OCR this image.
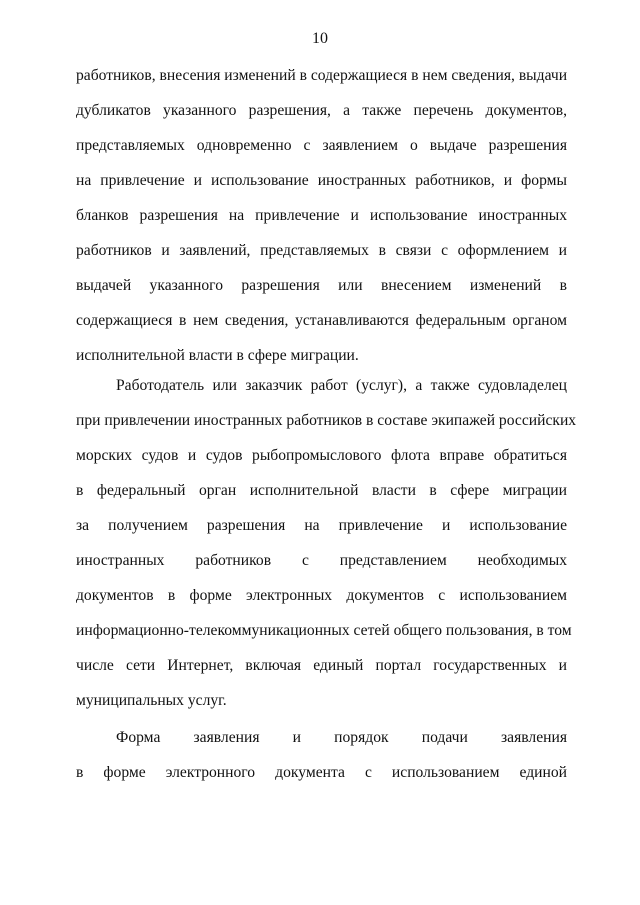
10
работников, внесения изменений в содержащиеся в нем сведения, выдачи
дубликатов указанного разрешения, а также перечень документов,
представляемых одновременно с заявлением о выдаче разрешения
на привлечение и использование иностранных работников, и формы
бланков разрешения на привлечение и использование иностранных
работников и заявлений, представляемых в связи с оформлением и
выдачей указанного разрешения или внесением изменений в
содержащиеся в нем сведения, устанавливаются федеральным органом
исполнительной власти в сфере миграции.
Работодатель или заказчик работ (услуг), а также судовладелец
при привлечении иностранных работников в составе экипажей российских
морских судов и судов рыбопромыслового флота вправе обратиться
в федеральный орган исполнительной власти в сфере миграции
за получением разрешения на привлечение и использование
иностранных работников с представлением необходимых
документов в форме электронных документов с использованием
информационно-телекоммуникационных сетей общего пользования, в том
числе сети Интернет, включая единый портал государственных и
муниципальных услуг.
Форма заявления и порядок подачи заявления
в форме электронного документа с использованием единой
